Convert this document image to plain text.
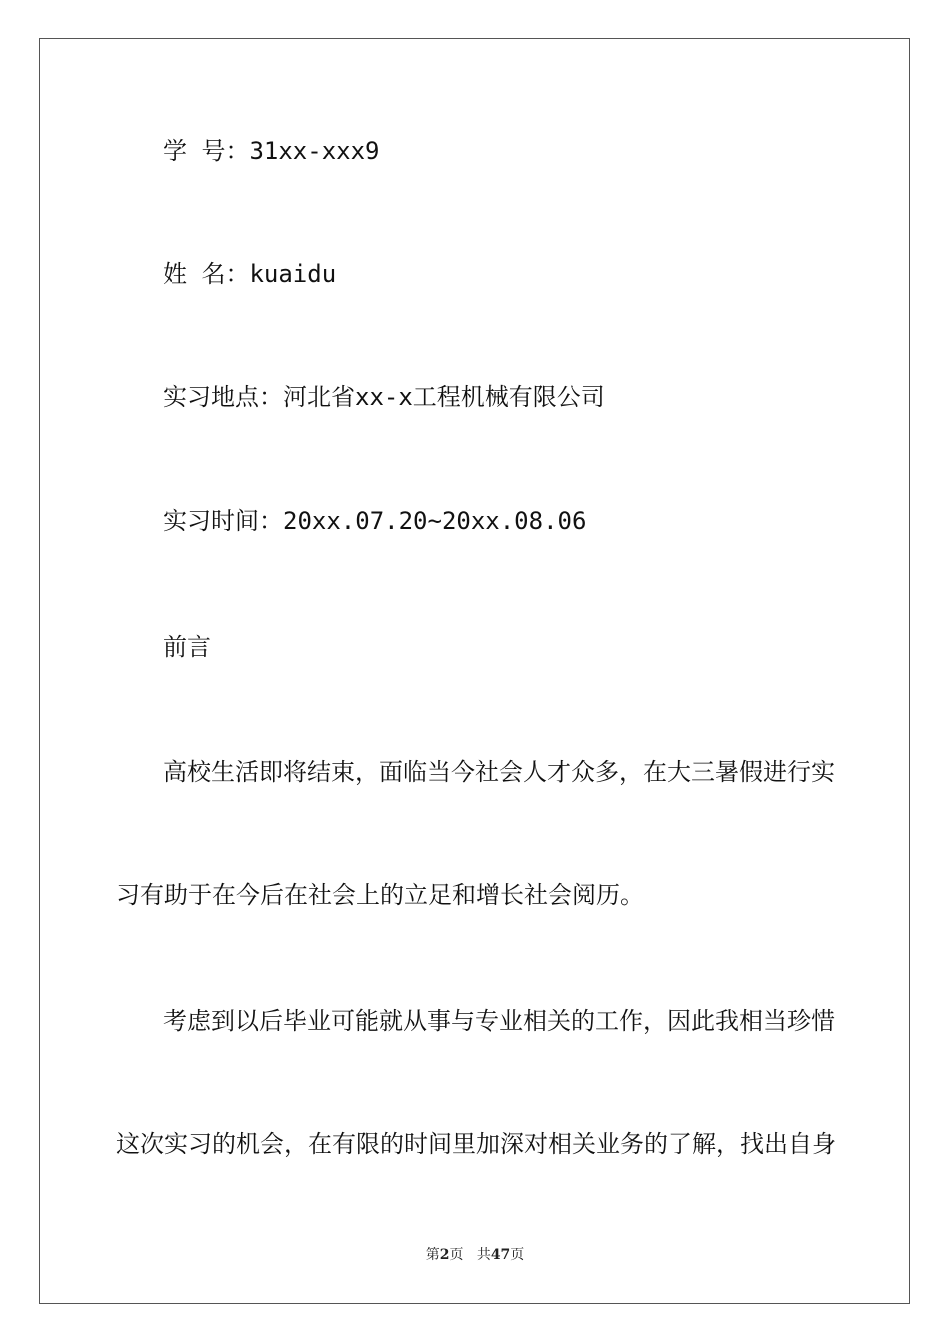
学 号：31xx-xxx9
姓 名：kuaidu
实习地点：河北省xx-x工程机械有限公司
实习时间：20xx.07.20~20xx.08.06
前言
高校生活即将结束，面临当今社会人才众多，在大三暑假进行实
习有助于在今后在社会上的立足和增长社会阅历。
考虑到以后毕业可能就从事与专业相关的工作，因此我相当珍惜
这次实习的机会，在有限的时间里加深对相关业务的了解，找出自身
第2页 共47页
